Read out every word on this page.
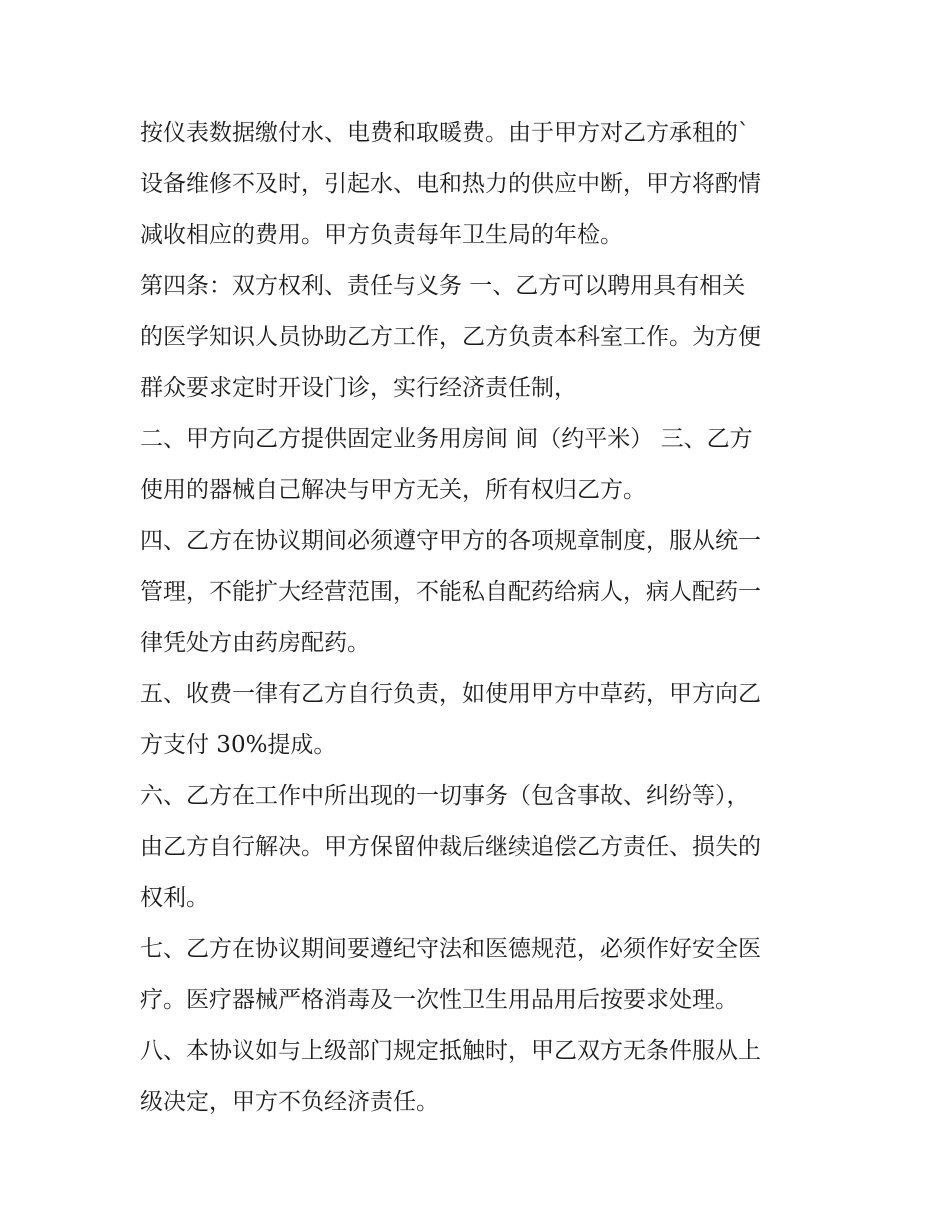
按仪表数据缴付水、电费和取暖费。由于甲方对乙方承租的`
设备维修不及时，引起水、电和热力的供应中断，甲方将酌情
减收相应的费用。甲方负责每年卫生局的年检。
第四条：双方权利、责任与义务 一、乙方可以聘用具有相关
的医学知识人员协助乙方工作，乙方负责本科室工作。为方便
群众要求定时开设门诊，实行经济责任制，
二、甲方向乙方提供固定业务用房间 间（约平米） 三、乙方
使用的器械自己解决与甲方无关，所有权归乙方。
四、乙方在协议期间必须遵守甲方的各项规章制度，服从统一
管理，不能扩大经营范围，不能私自配药给病人，病人配药一
律凭处方由药房配药。
五、收费一律有乙方自行负责，如使用甲方中草药，甲方向乙
方支付 30%提成。
六、乙方在工作中所出现的一切事务（包含事故、纠纷等），
由乙方自行解决。甲方保留仲裁后继续追偿乙方责任、损失的
权利。
七、乙方在协议期间要遵纪守法和医德规范，必须作好安全医
疗。医疗器械严格消毒及一次性卫生用品用后按要求处理。
八、本协议如与上级部门规定抵触时，甲乙双方无条件服从上
级决定，甲方不负经济责任。
